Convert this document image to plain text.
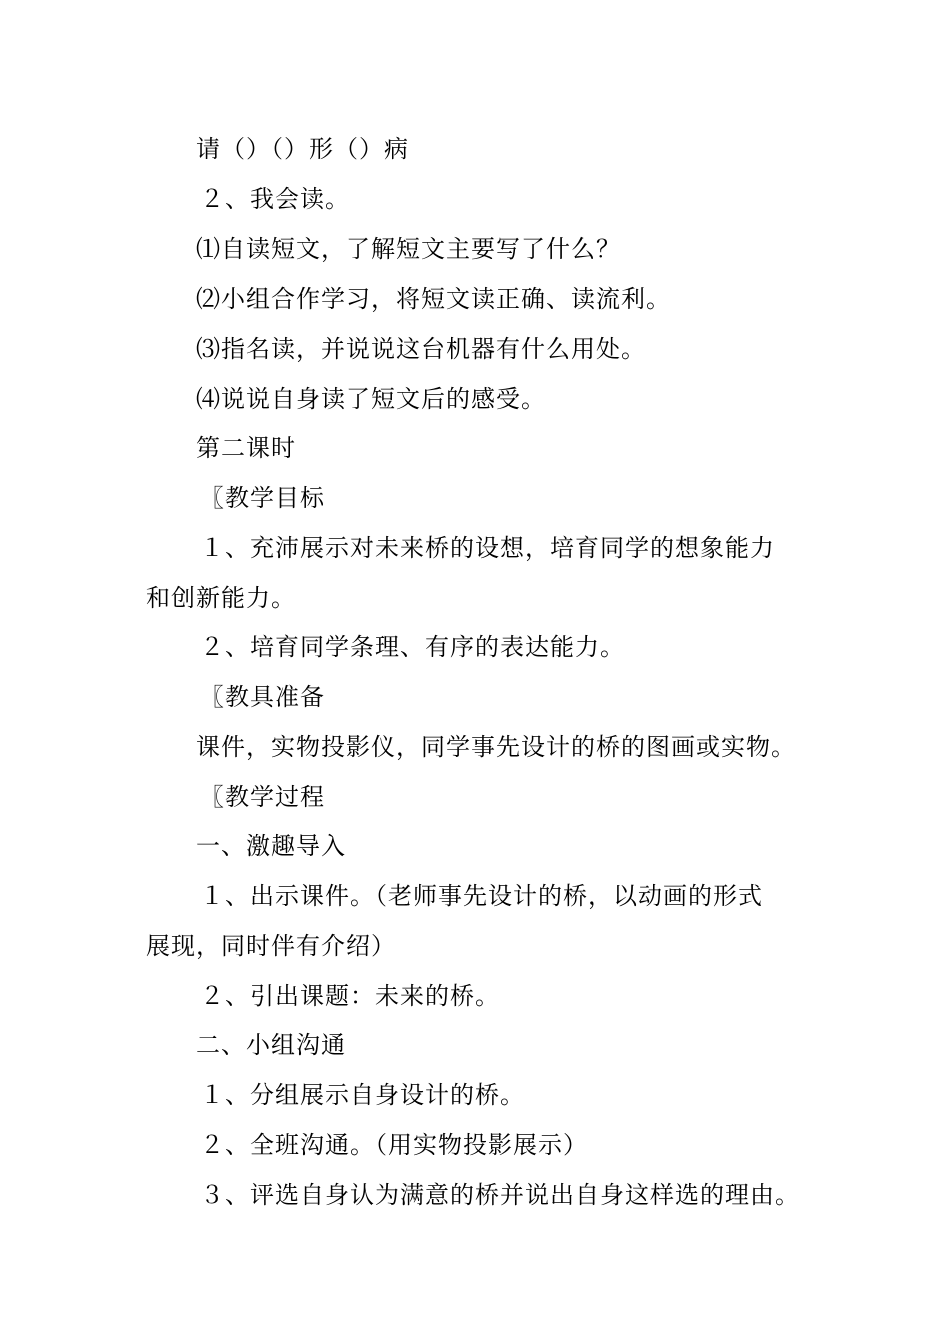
请（）（）形（）病
２、我会读。
⑴自读短文，了解短文主要写了什么？
⑵小组合作学习，将短文读正确、读流利。
⑶指名读，并说说这台机器有什么用处。
⑷说说自身读了短文后的感受。
第二课时
〖教学目标
１、充沛展示对未来桥的设想，培育同学的想象能力
和创新能力。
２、培育同学条理、有序的表达能力。
〖教具准备
课件，实物投影仪，同学事先设计的桥的图画或实物。
〖教学过程
一、激趣导入
１、出示课件。（老师事先设计的桥，以动画的形式
展现，同时伴有介绍）
２、引出课题：未来的桥。
二、小组沟通
１、分组展示自身设计的桥。
２、全班沟通。（用实物投影展示）
３、评选自身认为满意的桥并说出自身这样选的理由。
